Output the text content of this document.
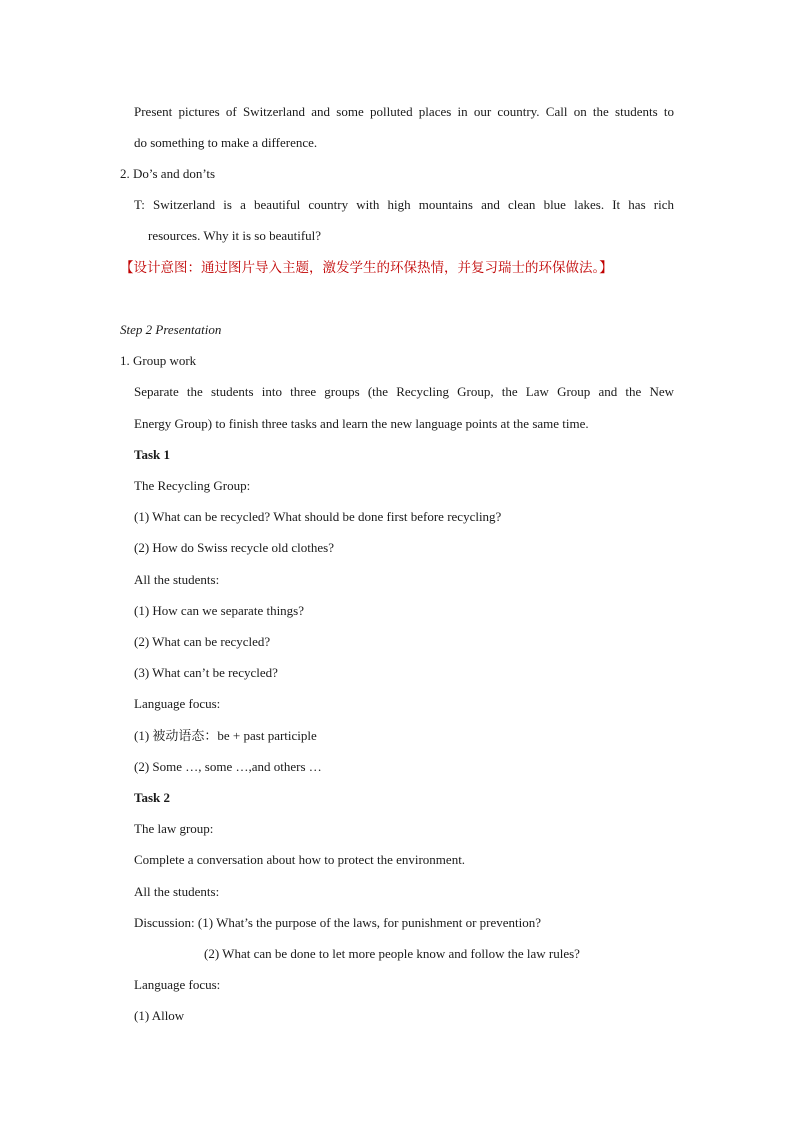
Present pictures of Switzerland and some polluted places in our country. Call on the students to
do something to make a difference.
2. Do’s and don’ts
T: Switzerland is a beautiful country with high mountains and clean blue lakes. It has rich
resources. Why it is so beautiful?
【设计意图：通过图片导入主题，激发学生的环保热情，并复习瑞士的环保做法。】
Step 2 Presentation
1. Group work
Separate the students into three groups (the Recycling Group, the Law Group and the New
Energy Group) to finish three tasks and learn the new language points at the same time.
Task 1
The Recycling Group:
(1) What can be recycled? What should be done first before recycling?
(2) How do Swiss recycle old clothes?
All the students:
(1) How can we separate things?
(2) What can be recycled?
(3) What can’t be recycled?
Language focus:
(1) 被动语态：be + past participle
(2) Some …, some …,and others …
Task 2
The law group:
Complete a conversation about how to protect the environment.
All the students:
Discussion: (1) What’s the purpose of the laws, for punishment or prevention?
(2) What can be done to let more people know and follow the law rules?
Language focus:
(1) Allow
